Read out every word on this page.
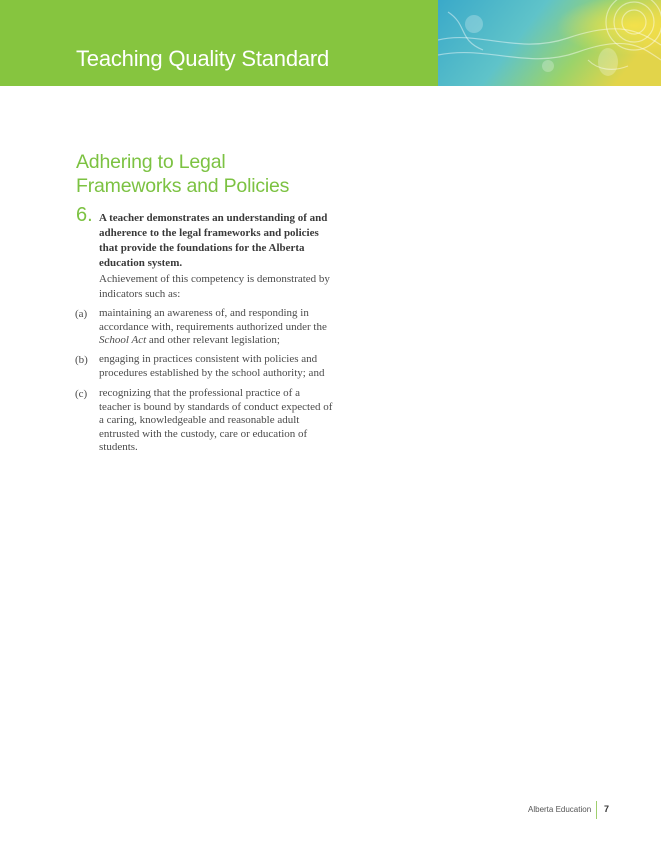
Teaching Quality Standard
Adhering to Legal
Frameworks and Policies
6. A teacher demonstrates an understanding of and adherence to the legal frameworks and policies that provide the foundations for the Alberta education system.
Achievement of this competency is demonstrated by indicators such as:
(a) maintaining an awareness of, and responding in accordance with, requirements authorized under the School Act and other relevant legislation;
(b) engaging in practices consistent with policies and procedures established by the school authority; and
(c) recognizing that the professional practice of a teacher is bound by standards of conduct expected of a caring, knowledgeable and reasonable adult entrusted with the custody, care or education of students.
Alberta Education 7
